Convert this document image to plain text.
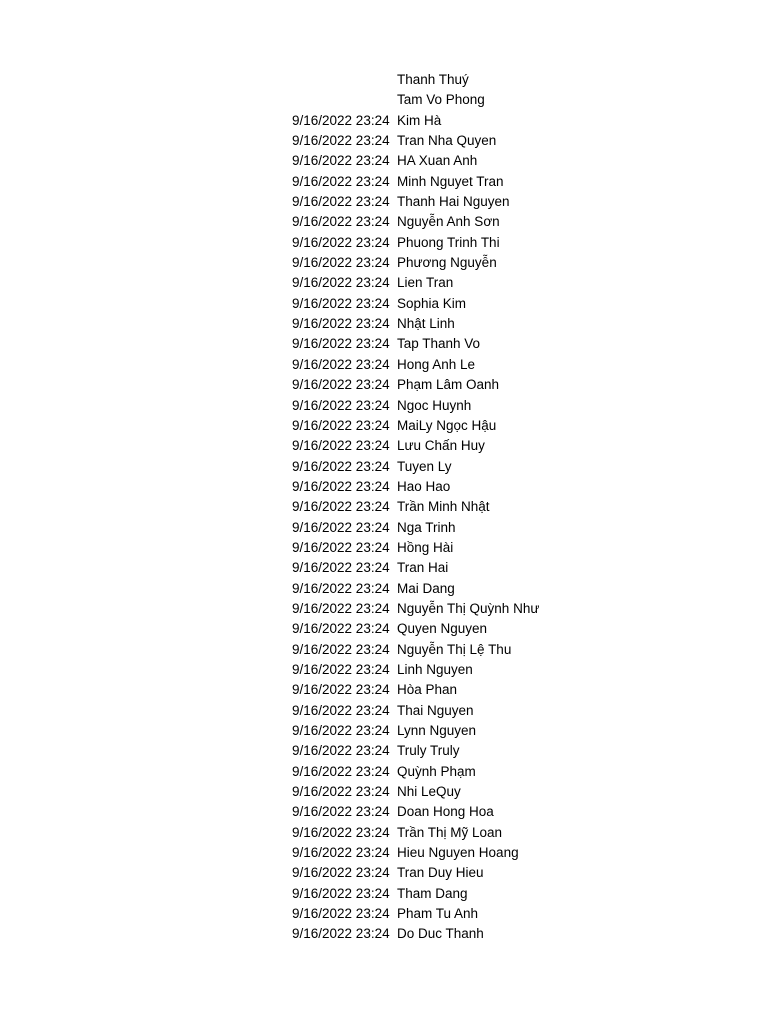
Thanh Thuý
Tam Vo Phong
9/16/2022 23:24 Kim Hà
9/16/2022 23:24 Tran Nha Quyen
9/16/2022 23:24 HA Xuan Anh
9/16/2022 23:24 Minh Nguyet Tran
9/16/2022 23:24 Thanh Hai Nguyen
9/16/2022 23:24 Nguyễn Anh Sơn
9/16/2022 23:24 Phuong Trinh Thi
9/16/2022 23:24 Phương Nguyễn
9/16/2022 23:24 Lien Tran
9/16/2022 23:24 Sophia Kim
9/16/2022 23:24 Nhật Linh
9/16/2022 23:24 Tap Thanh Vo
9/16/2022 23:24 Hong Anh Le
9/16/2022 23:24 Phạm Lâm Oanh
9/16/2022 23:24 Ngoc Huynh
9/16/2022 23:24 MaiLy Ngọc Hậu
9/16/2022 23:24 Lưu Chấn Huy
9/16/2022 23:24 Tuyen Ly
9/16/2022 23:24 Hao Hao
9/16/2022 23:24 Trần Minh Nhật
9/16/2022 23:24 Nga Trinh
9/16/2022 23:24 Hồng Hài
9/16/2022 23:24 Tran Hai
9/16/2022 23:24 Mai Dang
9/16/2022 23:24 Nguyễn Thị Quỳnh Như
9/16/2022 23:24 Quyen Nguyen
9/16/2022 23:24 Nguyễn Thị Lệ Thu
9/16/2022 23:24 Linh Nguyen
9/16/2022 23:24 Hòa Phan
9/16/2022 23:24 Thai Nguyen
9/16/2022 23:24 Lynn Nguyen
9/16/2022 23:24 Truly Truly
9/16/2022 23:24 Quỳnh Phạm
9/16/2022 23:24 Nhi LeQuy
9/16/2022 23:24 Doan Hong Hoa
9/16/2022 23:24 Trần Thị Mỹ Loan
9/16/2022 23:24 Hieu Nguyen Hoang
9/16/2022 23:24 Tran Duy Hieu
9/16/2022 23:24 Tham Dang
9/16/2022 23:24 Pham Tu Anh
9/16/2022 23:24 Do Duc Thanh
